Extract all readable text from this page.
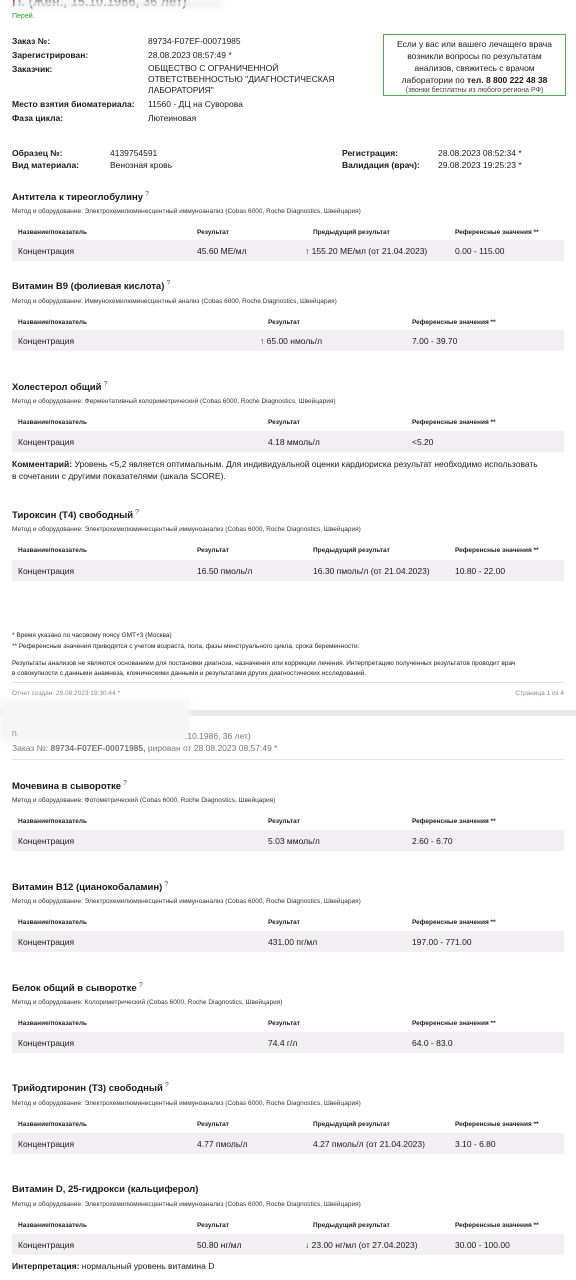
Перей.
Заказ №:	89734-F07EF-00071985
Зарегистрирован:	28.08.2023 08:57:49 *
Заказчик:	ОБЩЕСТВО С ОГРАНИЧЕННОЙ
ОТВЕТСТВЕННОСТЬЮ "ДИАГНОСТИЧЕСКАЯ
ЛАБОРАТОРИЯ"
Место взятия биоматериала: 11560 - ДЦ на Суворова
Фаза цикла:	Лютеиновая
Если у вас или вашего лечащего врача
возникли вопросы по результатам
анализов, свяжитесь с врачом
лаборатории по тел. 8 800 222 48 38
(звонки бесплатны из любого региона РФ)
Образец №:	4139754591
Вид материала:	Венозная кровь
Регистрация:	28.08.2023 08:52:34 *
Валидация (врач): 29.08.2023 19:25:23 *
Антитела к тиреоглобулину ?
Метод и оборудование: Электрохемилюминесцентный иммуноанализ (Cobas 6000, Roche Diagnostics, Швейцария)
Название/показатель	Результат	Предыдущий результат	Референсные значения **
Концентрация	45.60 МЕ/мл	↑ 155.20 МЕ/мл (от 21.04.2023)	0.00 - 115.00
Витамин В9 (фолиевая кислота) ?
Метод и оборудование: Иммунохемилюминесцентный анализ (Cobas 6000, Roche Diagnostics, Швейцария)
Название/показатель	Результат	Референсные значения **
Концентрация	↑ 65.00 нмоль/л	7.00 - 39.70
Холестерол общий ?
Метод и оборудование: Ферментативный колориметрический (Cobas 6000, Roche Diagnostics, Швейцария)
Название/показатель	Результат	Референсные значения **
Концентрация	4.18 ммоль/л	<5.20
Комментарий: Уровень <5,2 является оптимальным. Для индивидуальной оценки кардиориска результат необходимо использовать
в сочетании с другими показателями (шкала SCORE).
Тироксин (Т4) свободный ?
Метод и оборудование: Электрохемилюминесцентный иммуноанализ (Cobas 6000, Roche Diagnostics, Швейцария)
Название/показатель	Результат	Предыдущий результат	Референсные значения **
Концентрация	16.50 пмоль/л	16.30 пмоль/л (от 21.04.2023)	10.80 - 22.00
* Время указано по часовому поясу GMT+3 (Москва)
** Референсные значения приводятся с учетом возраста, пола, фазы менструального цикла, срока беременности.
Результаты анализов не являются основанием для постановки диагноза, назначения или коррекции лечения. Интерпретацию полученных результатов проводит врач
в совокупности с данными анамнеза, клиническими данными и результатами других диагностических исследований.
Отчет создан: 29.08.2023 19:30:44 *	Страница 1 из 4
П.	.10.1986, 36 лет)
Заказ №: 89734-F07EF-00071985, рирован от 28.08.2023 08:57:49 *
Мочевина в сыворотке ?
Метод и оборудование: Фотометрический (Cobas 6000, Roche Diagnostics, Швейцария)
Название/показатель	Результат	Референсные значения **
Концентрация	5.03 ммоль/л	2.60 - 6.70
Витамин В12 (цианокобаламин) ?
Метод и оборудование: Электрохемилюминесцентный иммуноанализ (Cobas 6000, Roche Diagnostics, Швейцария)
Название/показатель	Результат	Референсные значения **
Концентрация	431.00 пг/мл	197.00 - 771.00
Белок общий в сыворотке ?
Метод и оборудование: Колориметрический (Cobas 6000, Roche Diagnostics, Швейцария)
Название/показатель	Результат	Референсные значения **
Концентрация	74.4 г/л	64.0 - 83.0
Трийодтиронин (Т3) свободный ?
Метод и оборудование: Электрохемилюминесцентный иммуноанализ (Cobas 6000, Roche Diagnostics, Швейцария)
Название/показатель	Результат	Предыдущий результат	Референсные значения **
Концентрация	4.77 пмоль/л	4.27 пмоль/л (от 21.04.2023)	3.10 - 6.80
Витамин D, 25-гидрокси (кальциферол)
Метод и оборудование: Электрохемилюминесцентный иммуноанализ (Cobas 6000, Roche Diagnostics, Швейцария)
Название/показатель	Результат	Предыдущий результат	Референсные значения **
Концентрация	50.80 нг/мл	↓ 23.00 нг/мл (от 27.04.2023)	30.00 - 100.00
Интерпретация: нормальный уровень витамина D
